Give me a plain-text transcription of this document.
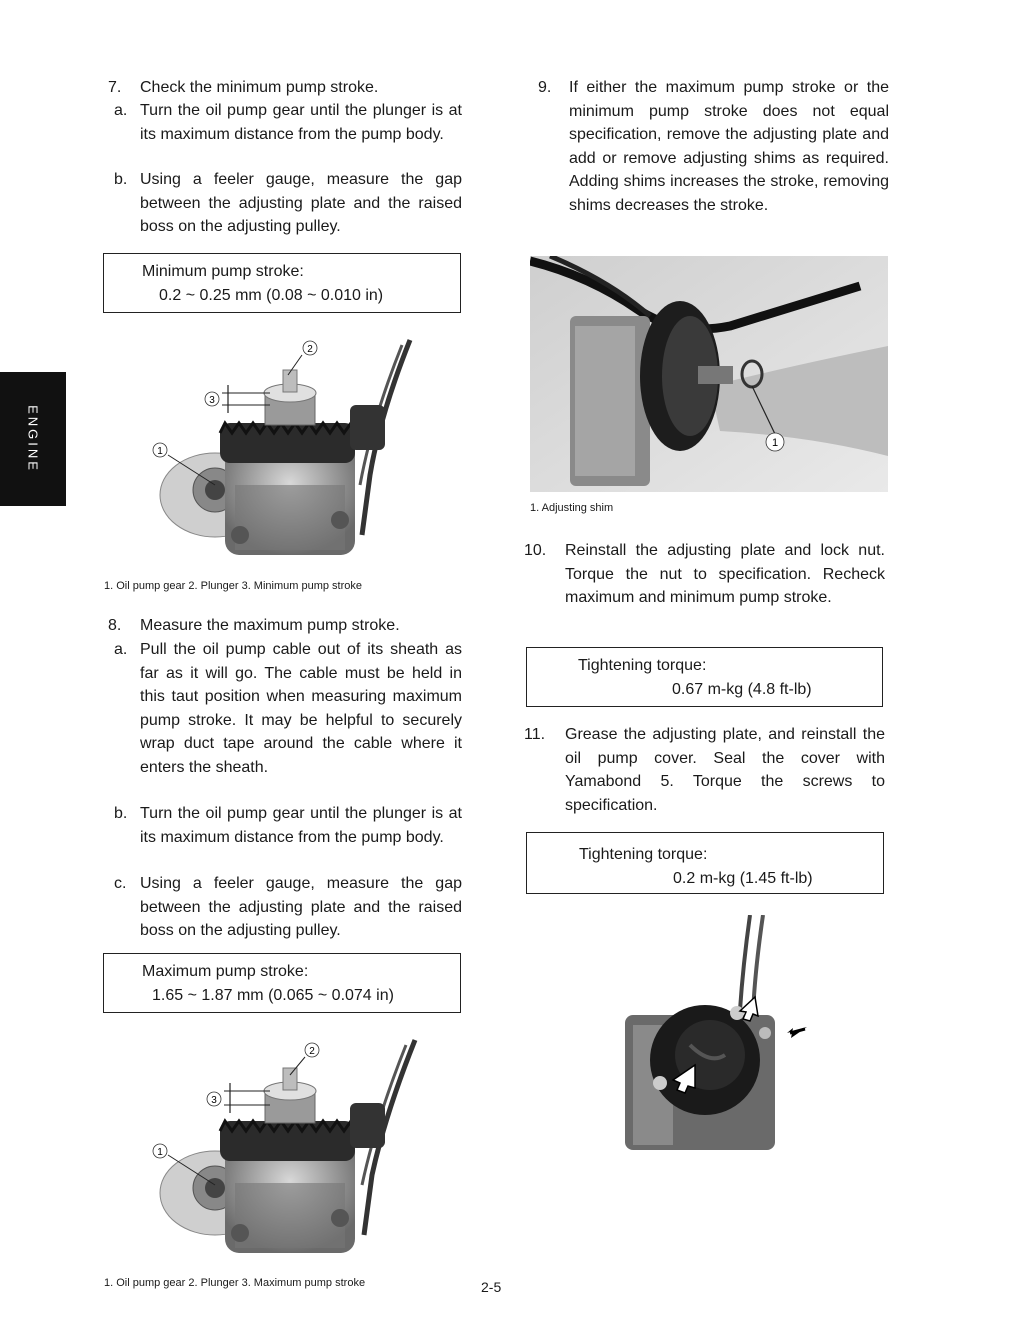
ENGINE
7. Check the minimum pump stroke.
a. Turn the oil pump gear until the plunger is at its maximum distance from the pump body.
b. Using a feeler gauge, measure the gap between the adjusting plate and the raised boss on the adjusting pulley.
Minimum pump stroke:
0.2 ~ 0.25 mm (0.08 ~ 0.010 in)
2
3
1
1. Oil pump gear 2. Plunger 3. Minimum pump stroke
8. Measure the maximum pump stroke.
a. Pull the oil pump cable out of its sheath as far as it will go. The cable must be held in this taut position when measuring maximum pump stroke. It may be helpful to securely wrap duct tape around the cable where it enters the sheath.
b. Turn the oil pump gear until the plunger is at its maximum distance from the pump body.
c. Using a feeler gauge, measure the gap between the adjusting plate and the raised boss on the adjusting pulley.
Maximum pump stroke:
1.65 ~ 1.87 mm (0.065 ~ 0.074 in)
2
3
1
1. Oil pump gear 2. Plunger 3. Maximum pump stroke
9. If either the maximum pump stroke or the minimum pump stroke does not equal specification, remove the adjusting plate and add or remove adjusting shims as required. Adding shims increases the stroke, removing shims decreases the stroke.
1
1. Adjusting shim
10. Reinstall the adjusting plate and lock nut. Torque the nut to specification. Recheck maximum and minimum pump stroke.
Tightening torque:
0.67 m-kg (4.8 ft-lb)
11. Grease the adjusting plate, and reinstall the oil pump cover. Seal the cover with Yamabond 5. Torque the screws to specification.
Tightening torque:
0.2 m-kg (1.45 ft-lb)
2-5
